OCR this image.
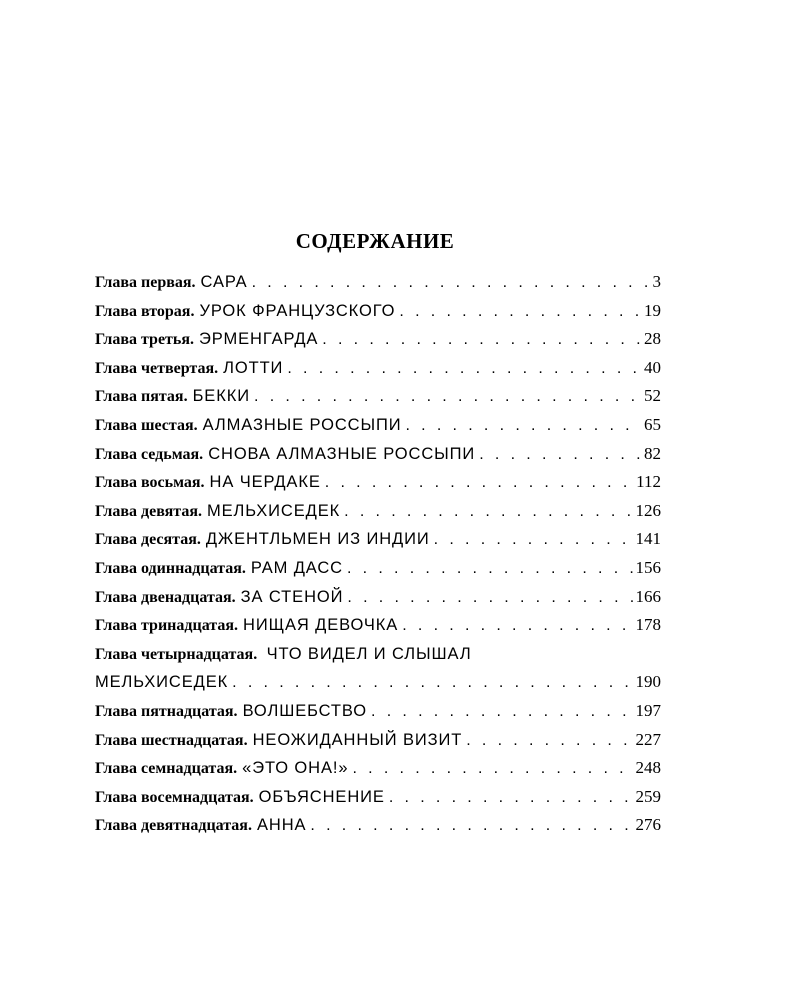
СОДЕРЖАНИЕ
Глава первая. САРА . . .	3
Глава вторая. УРОК ФРАНЦУЗСКОГО . . .	19
Глава третья. ЭРМЕНГАРДА . . .	28
Глава четвертая. ЛОТТИ . . .	40
Глава пятая. БЕККИ . . .	52
Глава шестая. АЛМАЗНЫЕ РОССЫПИ . . .	65
Глава седьмая. СНОВА АЛМАЗНЫЕ РОССЫПИ . . .	82
Глава восьмая. НА ЧЕРДАКЕ . . .	112
Глава девятая. МЕЛЬХИСЕДЕК . . .	126
Глава десятая. ДЖЕНТЛЬМЕН ИЗ ИНДИИ . . .	141
Глава одиннадцатая. РАМ ДАСС . . .	156
Глава двенадцатая. ЗА СТЕНОЙ . . .	166
Глава тринадцатая. НИЩАЯ ДЕВОЧКА . . .	178
Глава четырнадцатая. ЧТО ВИДЕЛ И СЛЫШАЛ
МЕЛЬХИСЕДЕК . . .	190
Глава пятнадцатая. ВОЛШЕБСТВО . . .	197
Глава шестнадцатая. НЕОЖИДАННЫЙ ВИЗИТ . . .	227
Глава семнадцатая. «ЭТО ОНА!» . . .	248
Глава восемнадцатая. ОБЪЯСНЕНИЕ . . .	259
Глава девятнадцатая. АННА . . .	276
